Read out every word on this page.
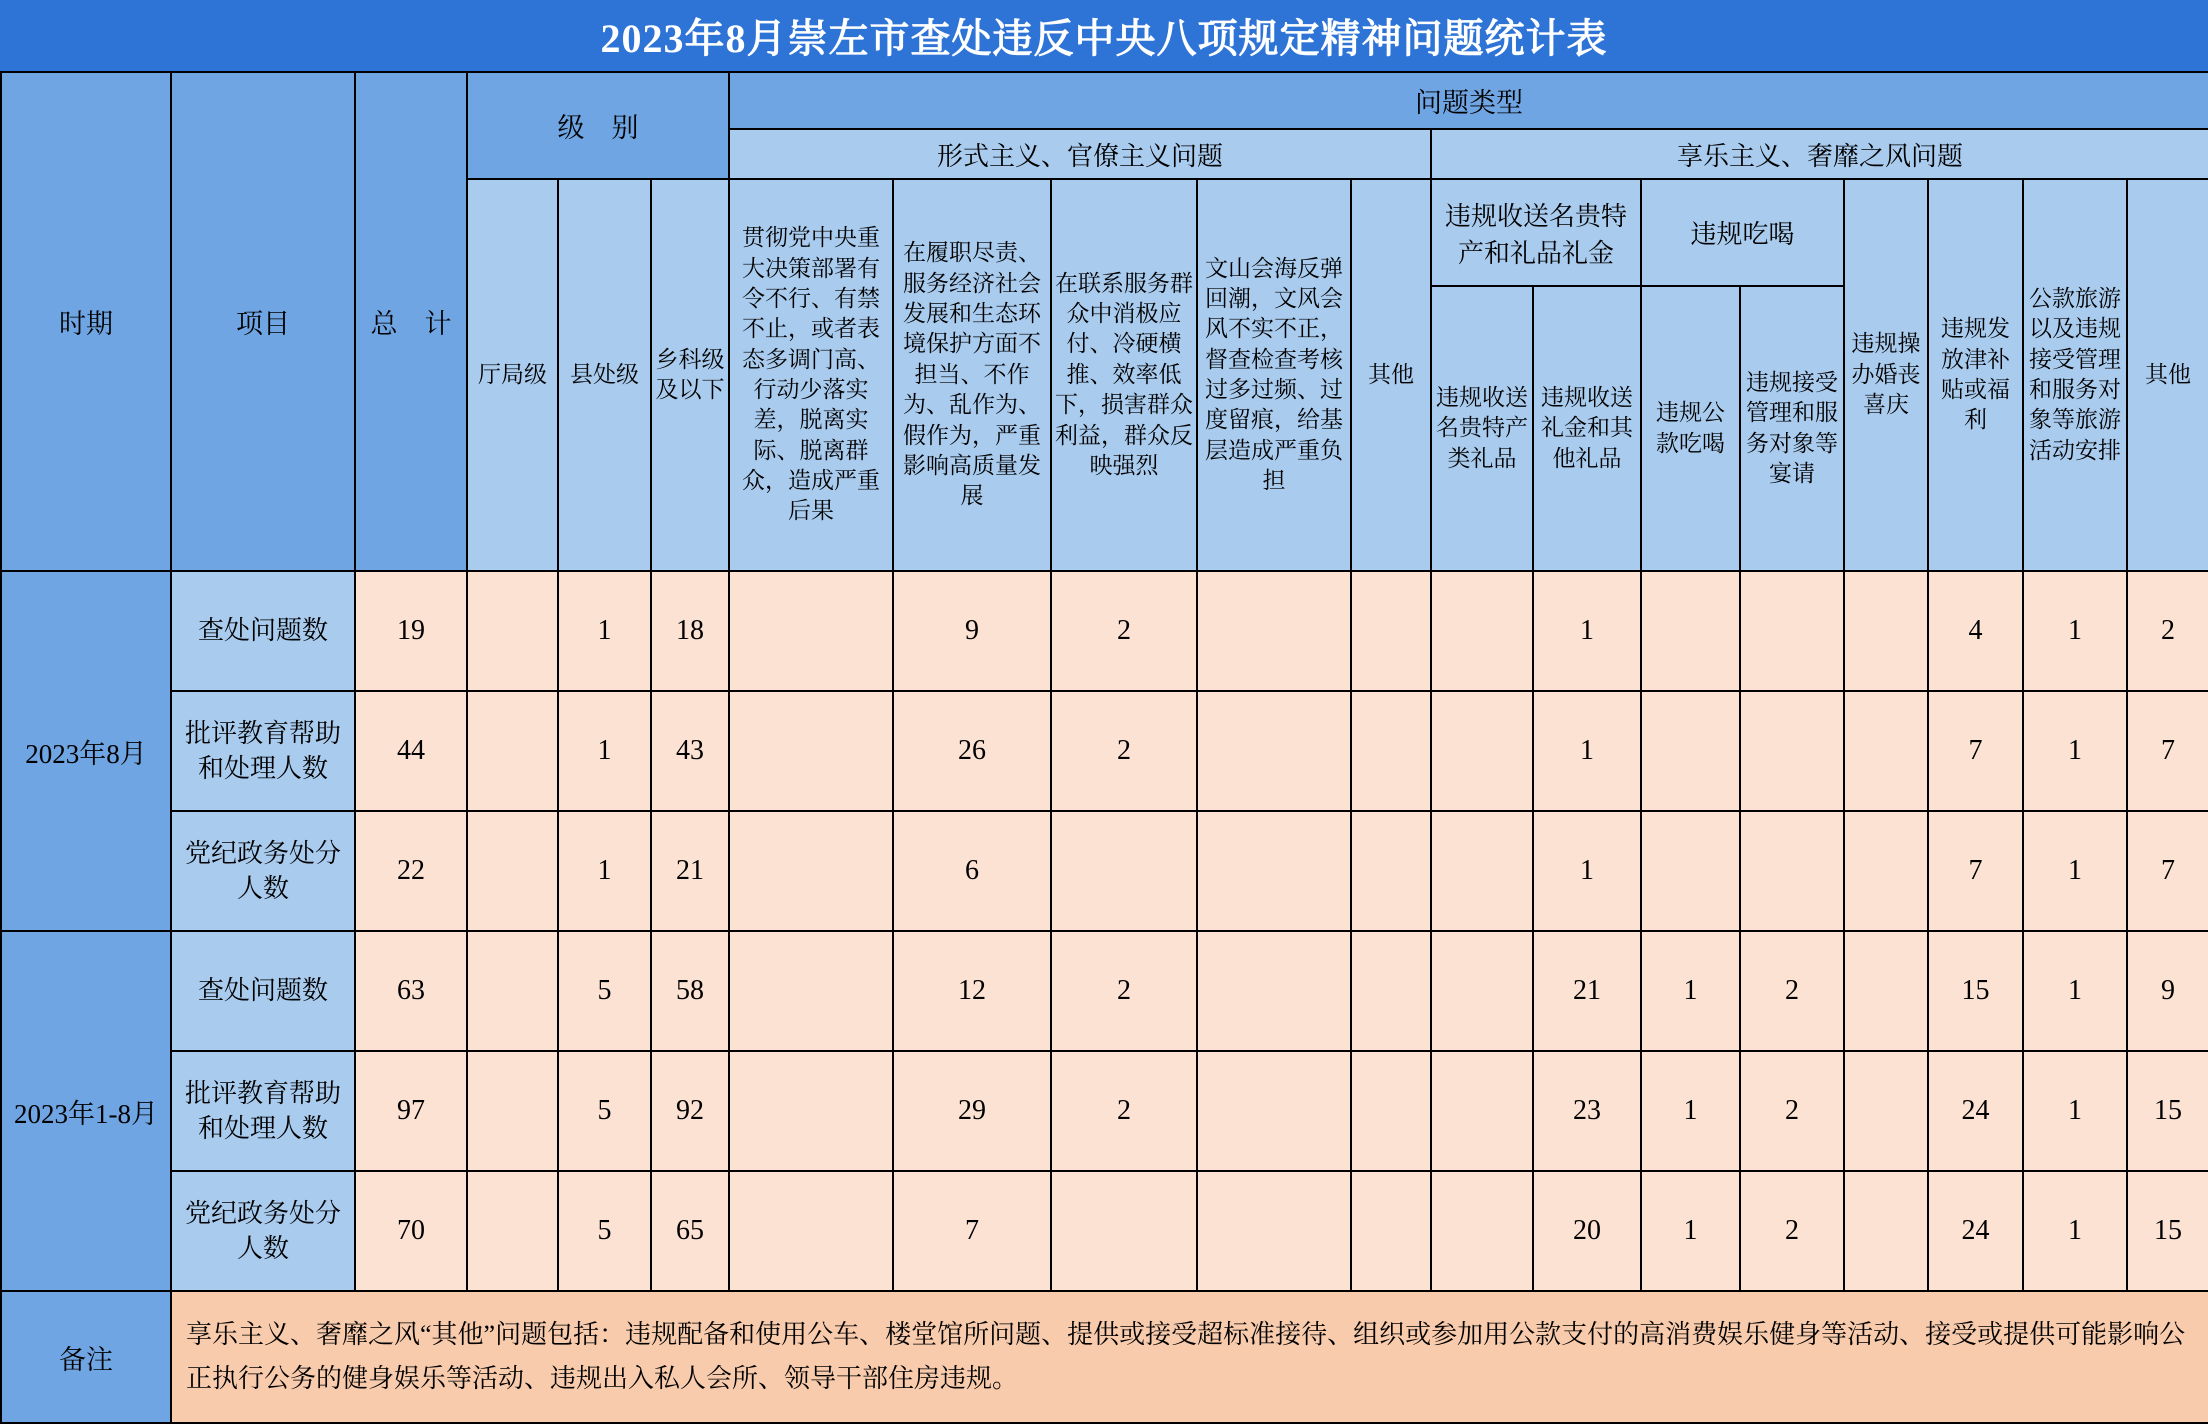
2023年8月崇左市查处违反中央八项规定精神问题统计表
时期	项目	总　计	级　别			问题类型												
						形式主义、官僚主义问题					享乐主义、奢靡之风问题							
			厅局级	县处级	乡科级及以下	贯彻党中央重大决策部署有令不行、有禁不止，或者表态多调门高、行动少落实差，脱离实际、脱离群众，造成严重后果	在履职尽责、服务经济社会发展和生态环境保护方面不担当、不作为、乱作为、假作为，严重影响高质量发展	在联系服务群众中消极应付、冷硬横推、效率低下，损害群众利益，群众反映强烈	文山会海反弹回潮，文风会风不实不正，督查检查考核过多过频、过度留痕，给基层造成严重负担	其他	违规收送名贵特产和礼品礼金		违规吃喝		违规操办婚丧喜庆	违规发放津补贴或福利	公款旅游以及违规接受管理和服务对象等旅游活动安排	其他
											违规收送名贵特产类礼品	违规收送礼金和其他礼品	违规公款吃喝	违规接受管理和服务对象等宴请				
2023年8月	查处问题数	19		1	18		9	2				1				4	1	2
	批评教育帮助和处理人数	44		1	43		26	2				1				7	1	7
	党纪政务处分人数	22		1	21		6					1				7	1	7
2023年1-8月	查处问题数	63		5	58		12	2				21	1	2		15	1	9
	批评教育帮助和处理人数	97		5	92		29	2				23	1	2		24	1	15
	党纪政务处分人数	70		5	65		7					20	1	2		24	1	15
备注	享乐主义、奢靡之风“其他”问题包括：违规配备和使用公车、楼堂馆所问题、提供或接受超标准接待、组织或参加用公款支付的高消费娱乐健身等活动、接受或提供可能影响公正执行公务的健身娱乐等活动、违规出入私人会所、领导干部住房违规。																	
